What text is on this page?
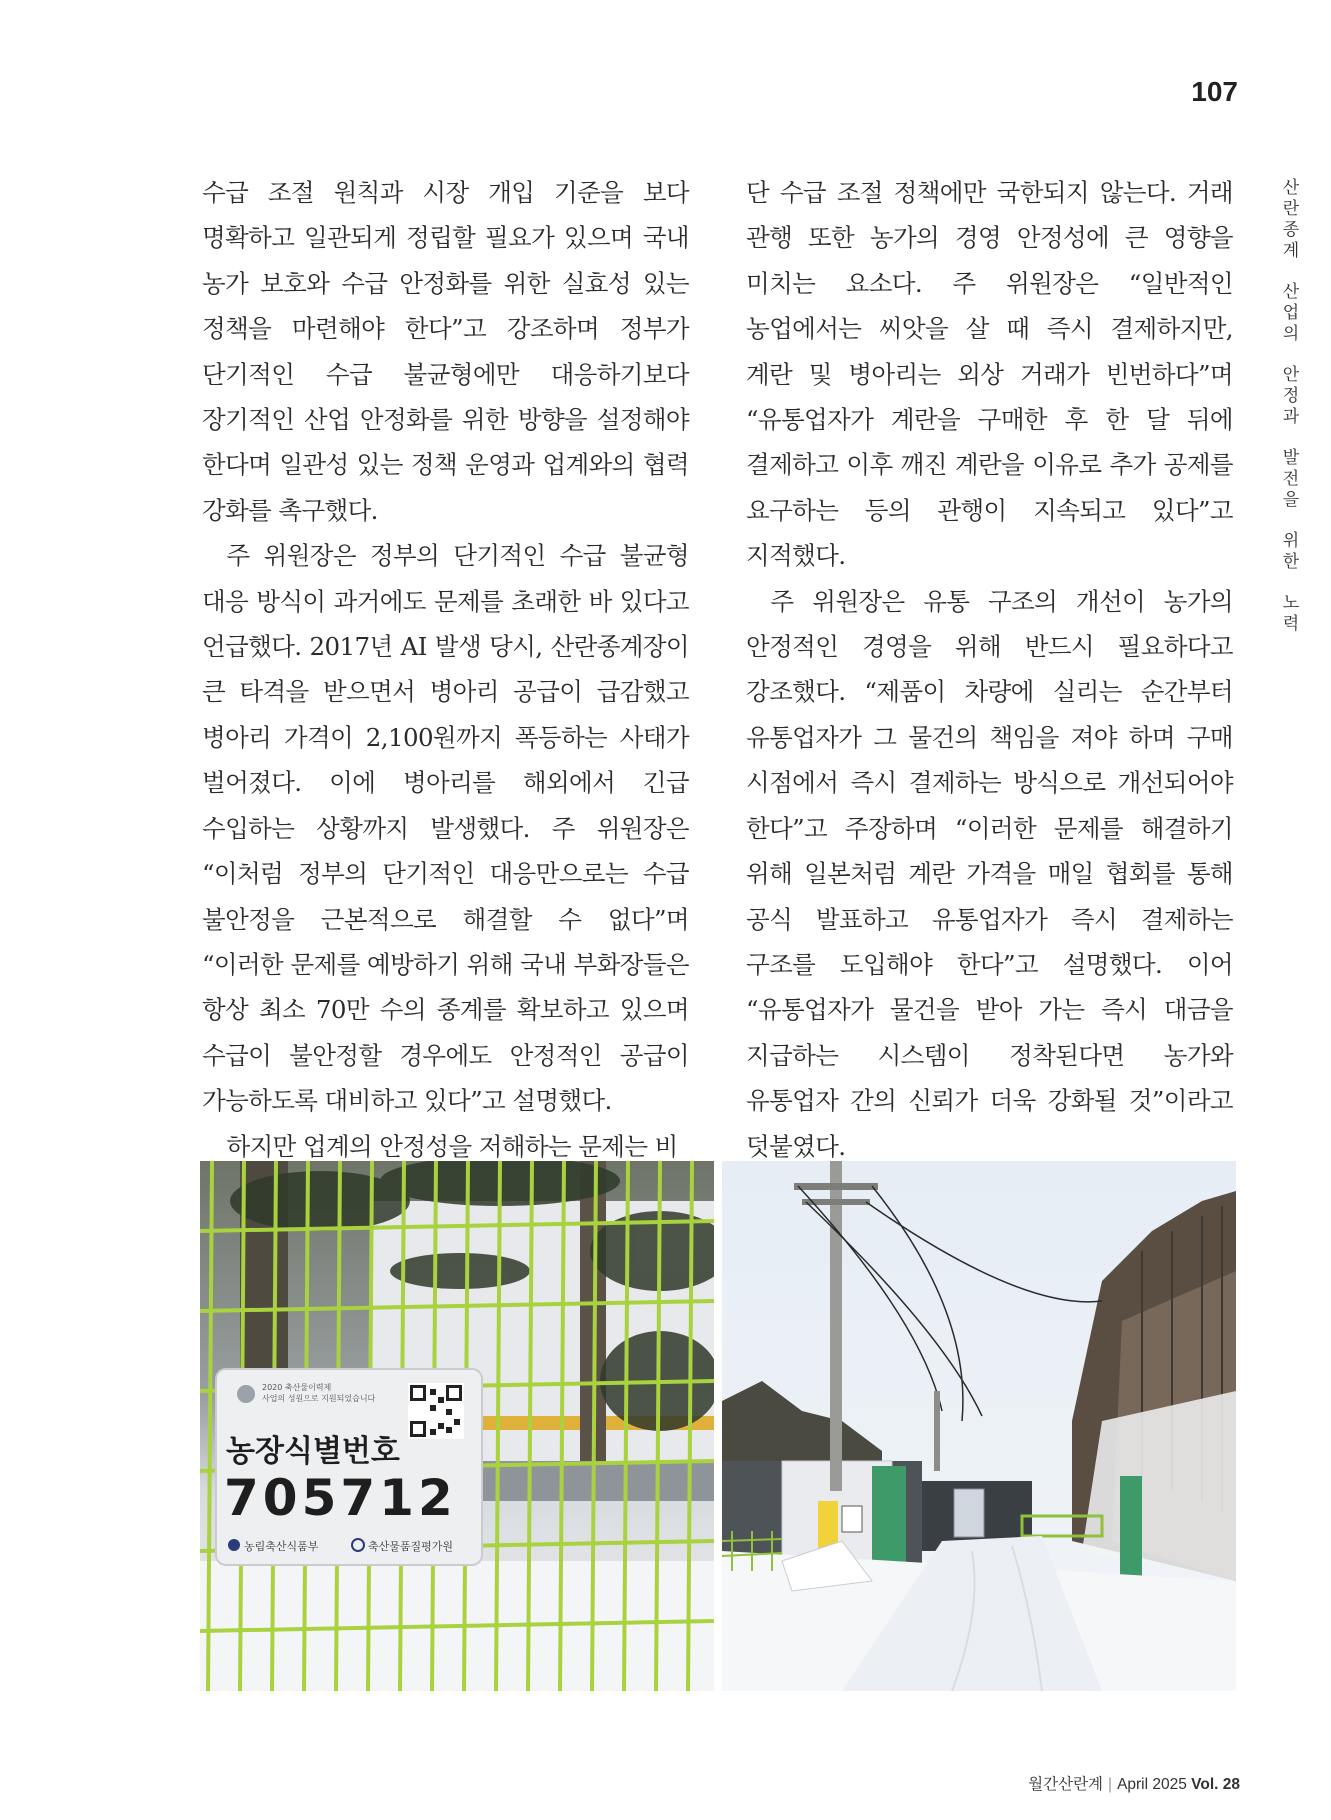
107
산
란
종
계
산
업
의
안
정
과
발
전
을
위
한
노
력

수급 조절 원칙과 시장 개입 기준을 보다 명확하고 일관되게 정립할 필요가 있으며 국내 농가 보호와 수급 안정화를 위한 실효성 있는 정책을 마련해야 한다”고 강조하며 정부가 단기적인 수급 불균형에만 대응하기보다 장기적인 산업 안정화를 위한 방향을 설정해야 한다며 일관성 있는 정책 운영과 업계와의 협력 강화를 촉구했다.

주 위원장은 정부의 단기적인 수급 불균형 대응 방식이 과거에도 문제를 초래한 바 있다고 언급했다. 2017년 AI 발생 당시, 산란종계장이 큰 타격을 받으면서 병아리 공급이 급감했고 병아리 가격이 2,100원까지 폭등하는 사태가 벌어졌다. 이에 병아리를 해외에서 긴급 수입하는 상황까지 발생했다. 주 위원장은 “이처럼 정부의 단기적인 대응만으로는 수급 불안정을 근본적으로 해결할 수 없다”며 “이러한 문제를 예방하기 위해 국내 부화장들은 항상 최소 70만 수의 종계를 확보하고 있으며 수급이 불안정할 경우에도 안정적인 공급이 가능하도록 대비하고 있다”고 설명했다.

하지만 업계의 안정성을 저해하는 문제는 비

단 수급 조절 정책에만 국한되지 않는다. 거래 관행 또한 농가의 경영 안정성에 큰 영향을 미치는 요소다. 주 위원장은 “일반적인 농업에서는 씨앗을 살 때 즉시 결제하지만, 계란 및 병아리는 외상 거래가 빈번하다”며 “유통업자가 계란을 구매한 후 한 달 뒤에 결제하고 이후 깨진 계란을 이유로 추가 공제를 요구하는 등의 관행이 지속되고 있다”고 지적했다.

주 위원장은 유통 구조의 개선이 농가의 안정적인 경영을 위해 반드시 필요하다고 강조했다. “제품이 차량에 실리는 순간부터 유통업자가 그 물건의 책임을 져야 하며 구매 시점에서 즉시 결제하는 방식으로 개선되어야 한다”고 주장하며 “이러한 문제를 해결하기 위해 일본처럼 계란 가격을 매일 협회를 통해 공식 발표하고 유통업자가 즉시 결제하는 구조를 도입해야 한다”고 설명했다. 이어 “유통업자가 물건을 받아 가는 즉시 대금을 지급하는 시스템이 정착된다면 농가와 유통업자 간의 신뢰가 더욱 강화될 것”이라고 덧붙였다.

2020 축산물이력제
사업의 성원으로 지원되었습니다
농장식별번호
705712
농림축산식품부	축산물품질평가원
월간산란계 | April 2025 Vol. 28
